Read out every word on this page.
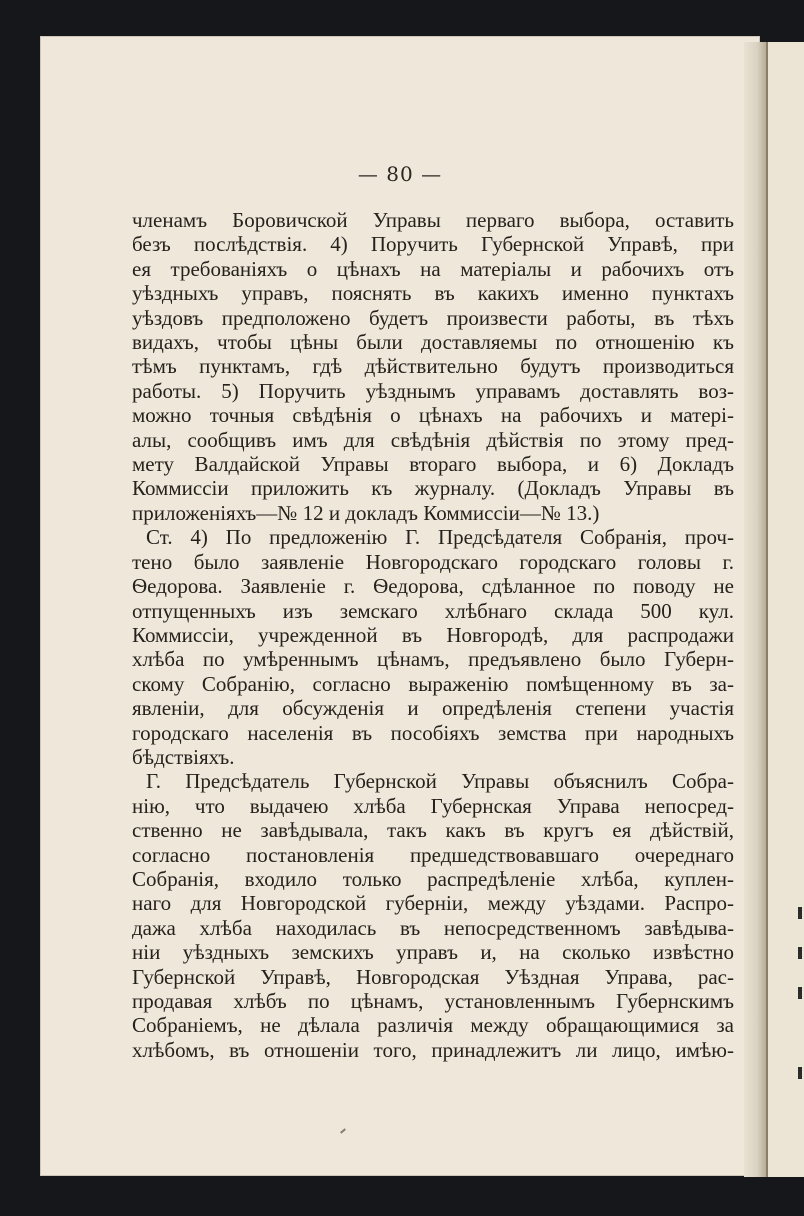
— 80 —
членамъ Боровичской Управы перваго выбора, оставить
безъ послѣдствія. 4) Поручить Губернской Управѣ, при
ея требованіяхъ о цѣнахъ на матеріалы и рабочихъ отъ
уѣздныхъ управъ, пояснять въ какихъ именно пунктахъ
уѣздовъ предположено будетъ произвести работы, въ тѣхъ
видахъ, чтобы цѣны были доставляемы по отношенію къ
тѣмъ пунктамъ, гдѣ дѣйствительно будутъ производиться
работы. 5) Поручить уѣзднымъ управамъ доставлять воз-
можно точныя свѣдѣнія о цѣнахъ на рабочихъ и матері-
алы, сообщивъ имъ для свѣдѣнія дѣйствія по этому пред-
мету Валдайской Управы втораго выбора, и 6) Докладъ
Коммиссіи приложить къ журналу. (Докладъ Управы въ
приложеніяхъ—№ 12 и докладъ Коммиссіи—№ 13.)
Ст. 4) По предложенію Г. Предсѣдателя Собранія, проч-
тено было заявленіе Новгородскаго городскаго головы г.
Ѳедорова. Заявленіе г. Ѳедорова, сдѣланное по поводу не
отпущенныхъ изъ земскаго хлѣбнаго склада 500 кул.
Коммиссіи, учрежденной въ Новгородѣ, для распродажи
хлѣба по умѣреннымъ цѣнамъ, предъявлено было Губерн-
скому Собранію, согласно выраженію помѣщенному въ за-
явленіи, для обсужденія и опредѣленія степени участія
городскаго населенія въ пособіяхъ земства при народныхъ
бѣдствіяхъ.
Г. Предсѣдатель Губернской Управы объяснилъ Собра-
нію, что выдачею хлѣба Губернская Управа непосред-
ственно не завѣдывала, такъ какъ въ кругъ ея дѣйствій,
согласно постановленія предшедствовавшаго очереднаго
Собранія, входило только распредѣленіе хлѣба, куплен-
наго для Новгородской губерніи, между уѣздами. Распро-
дажа хлѣба находилась въ непосредственномъ завѣдыва-
ніи уѣздныхъ земскихъ управъ и, на сколько извѣстно
Губернской Управѣ, Новгородская Уѣздная Управа, рас-
продавая хлѣбъ по цѣнамъ, установленнымъ Губернскимъ
Собраніемъ, не дѣлала различія между обращающимися за
хлѣбомъ, въ отношеніи того, принадлежитъ ли лицо, имѣю-
